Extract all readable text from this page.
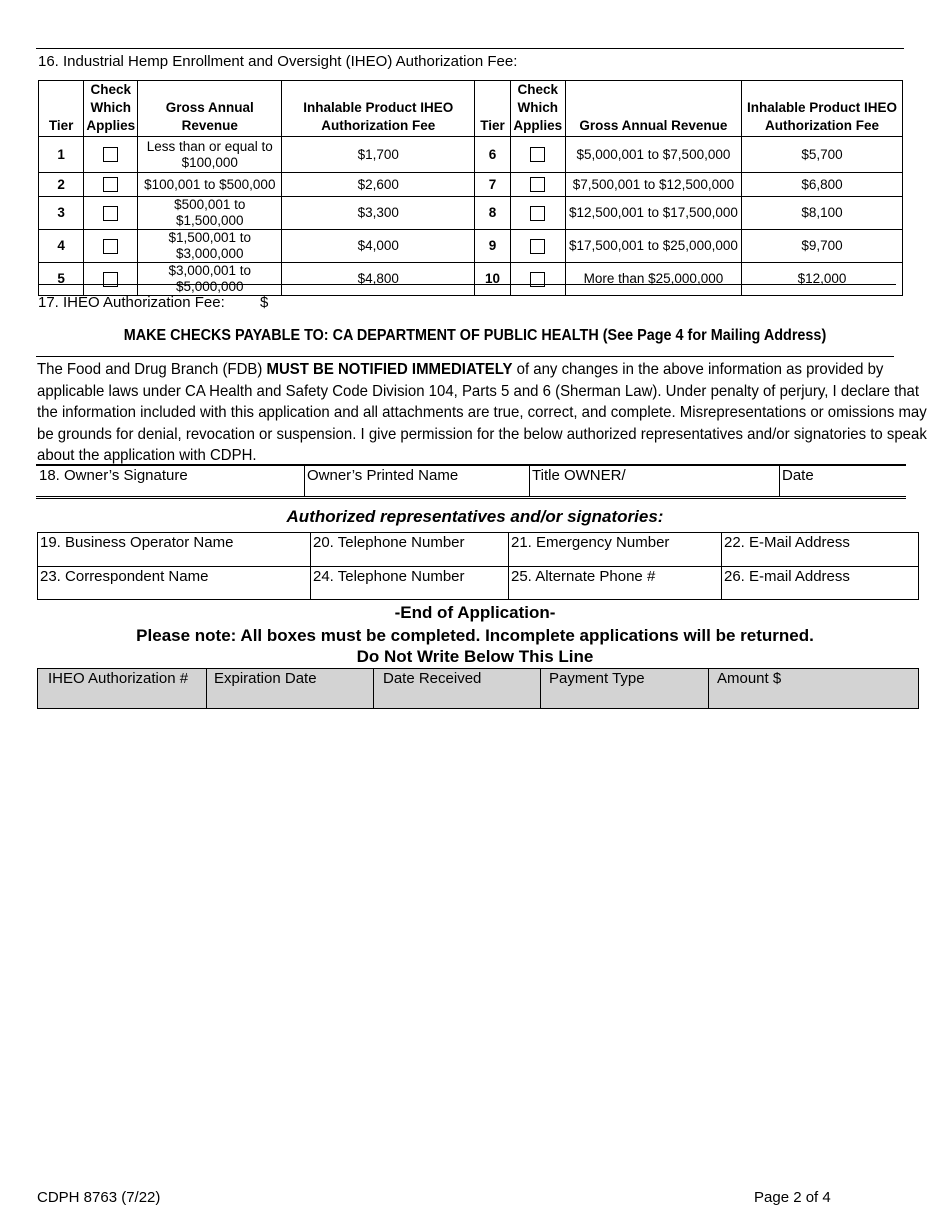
16. Industrial Hemp Enrollment and Oversight (IHEO) Authorization Fee:
Tier	Check Which Applies	Gross Annual Revenue	Inhalable Product IHEO Authorization Fee	Tier	Check Which Applies	Gross Annual Revenue	Inhalable Product IHEO Authorization Fee
1		Less than or equal to $100,000	$1,700	6		$5,000,001 to $7,500,000	$5,700
2		$100,001 to $500,000	$2,600	7		$7,500,001 to $12,500,000	$6,800
3		$500,001 to $1,500,000	$3,300	8		$12,500,001 to $17,500,000	$8,100
4		$1,500,001 to $3,000,000	$4,000	9		$17,500,001 to $25,000,000	$9,700
5		$3,000,001 to $5,000,000	$4,800	10		More than $25,000,000	$12,000
17. IHEO Authorization Fee: $
MAKE CHECKS PAYABLE TO: CA DEPARTMENT OF PUBLIC HEALTH (See Page 4 for Mailing Address)
The Food and Drug Branch (FDB) MUST BE NOTIFIED IMMEDIATELY of any changes in the above information as provided by applicable laws under CA Health and Safety Code Division 104, Parts 5 and 6 (Sherman Law). Under penalty of perjury, I declare that the information included with this application and all attachments are true, correct, and complete. Misrepresentations or omissions may be grounds for denial, revocation or suspension. I give permission for the below authorized representatives and/or signatories to speak about the application with CDPH.
18. Owner’s Signature	Owner’s Printed Name	Title OWNER/	Date
Authorized representatives and/or signatories:
19. Business Operator Name	20. Telephone Number	21. Emergency Number	22. E-Mail Address
23. Correspondent Name	24. Telephone Number	25. Alternate Phone #	26. E-mail Address
-End of Application-
Please note: All boxes must be completed. Incomplete applications will be returned.
Do Not Write Below This Line
IHEO Authorization #	Expiration Date	Date Received	Payment Type	Amount $
CDPH 8763 (7/22)	Page 2 of 4
